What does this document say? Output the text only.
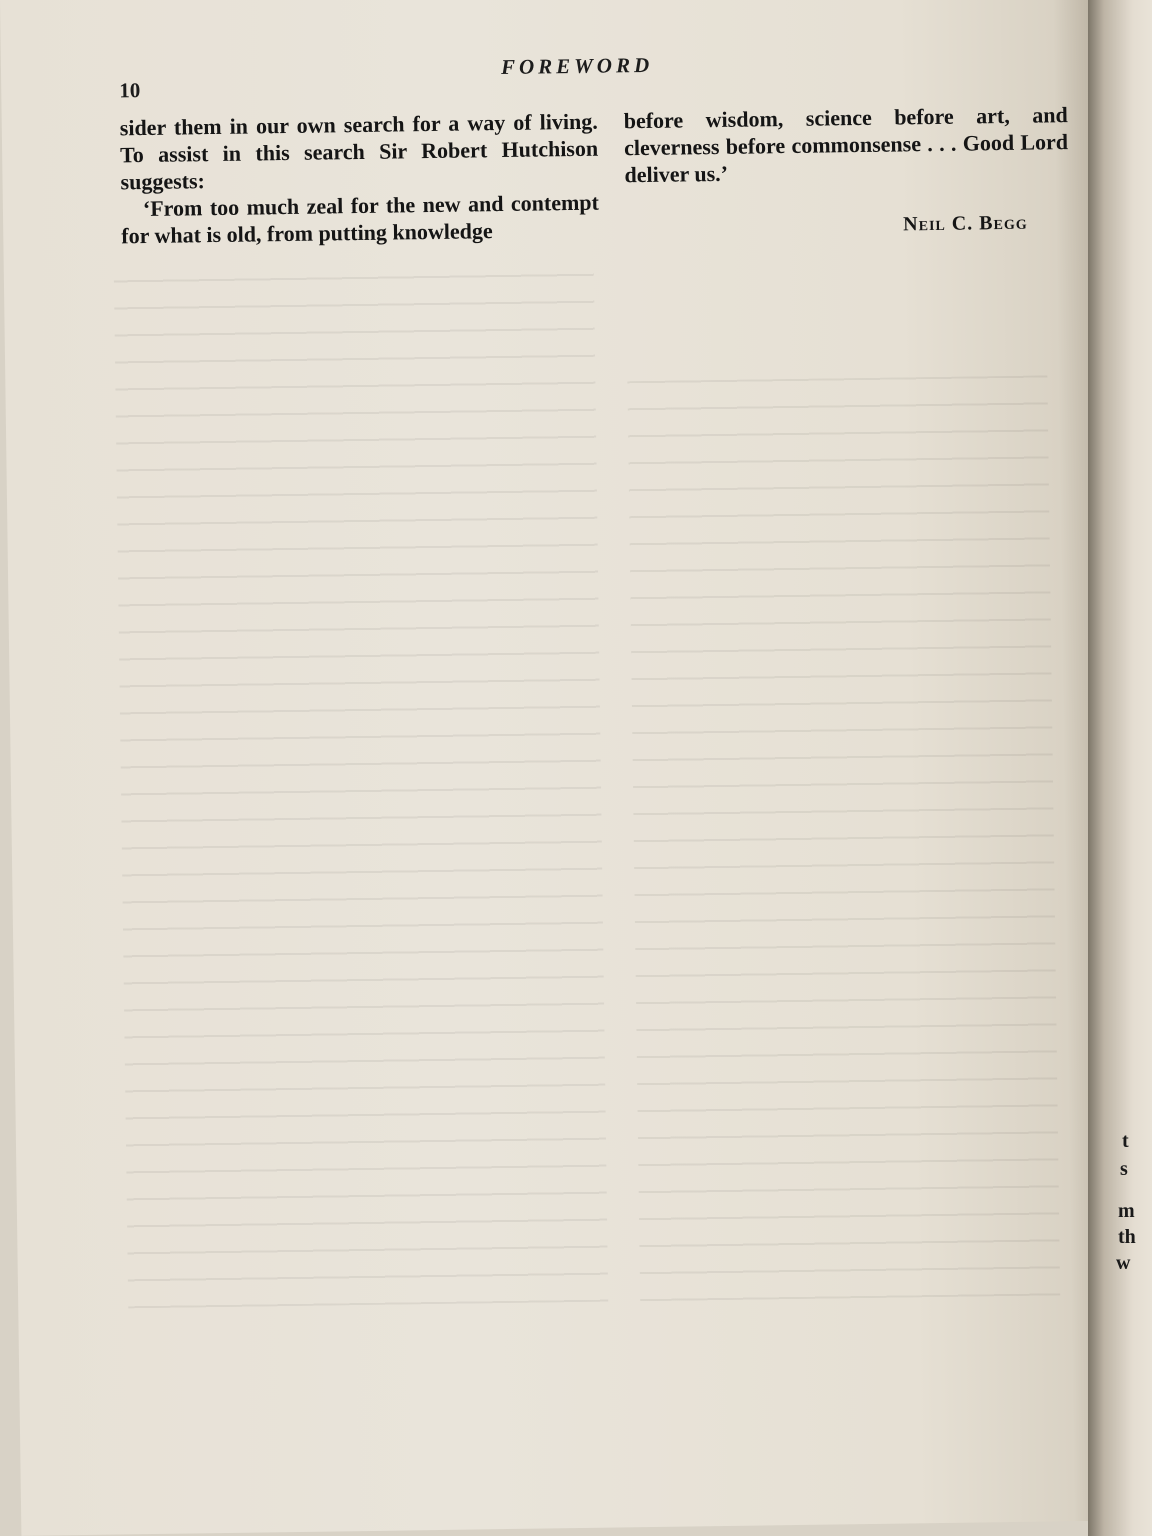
10
FOREWORD

sider them in our own search for a way of living. To assist in this search Sir Robert Hutchison suggests:

‘From too much zeal for the new and contempt for what is old, from putting knowledge

before wisdom, science before art, and cleverness before commonsense . . . Good Lord deliver us.’

Neil C. Begg
t
s
m
th
w
